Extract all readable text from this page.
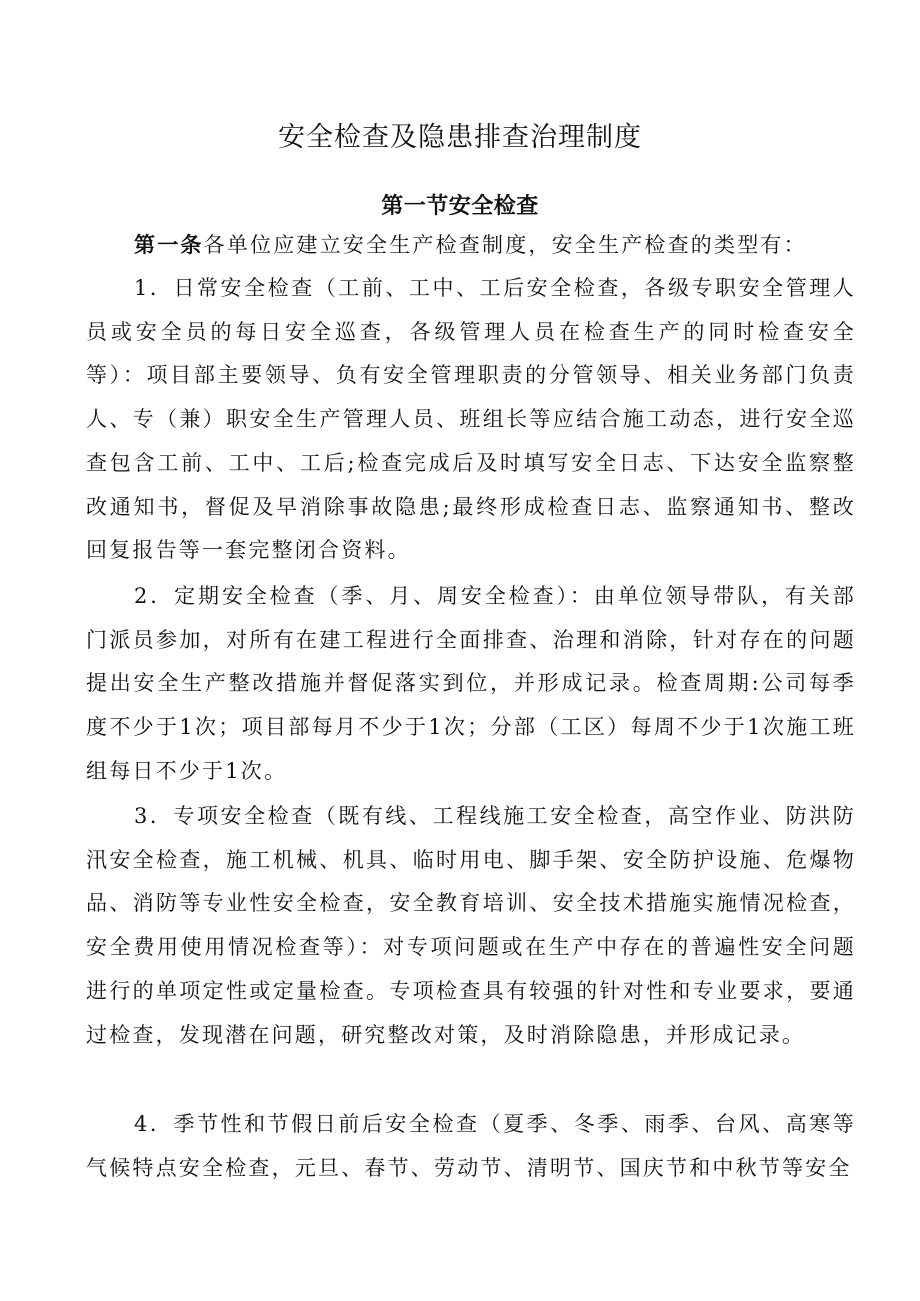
安全检查及隐患排查治理制度
第一节安全检查

第一条各单位应建立安全生产检查制度，安全生产检查的类型有：

1．日常安全检查（工前、工中、工后安全检查，各级专职安全管理人员或安全员的每日安全巡查，各级管理人员在检查生产的同时检查安全等）：项目部主要领导、负有安全管理职责的分管领导、相关业务部门负责人、专（兼）职安全生产管理人员、班组长等应结合施工动态，进行安全巡查包含工前、工中、工后;检查完成后及时填写安全日志、下达安全监察整改通知书，督促及早消除事故隐患;最终形成检查日志、监察通知书、整改回复报告等一套完整闭合资料。

2．定期安全检查（季、月、周安全检查）：由单位领导带队，有关部门派员参加，对所有在建工程进行全面排查、治理和消除，针对存在的问题提出安全生产整改措施并督促落实到位，并形成记录。检查周期:公司每季度不少于1次；项目部每月不少于1次；分部（工区）每周不少于1次施工班组每日不少于1次。

3．专项安全检查（既有线、工程线施工安全检查，高空作业、防洪防汛安全检查，施工机械、机具、临时用电、脚手架、安全防护设施、危爆物品、消防等专业性安全检查，安全教育培训、安全技术措施实施情况检查，安全费用使用情况检查等）：对专项问题或在生产中存在的普遍性安全问题进行的单项定性或定量检查。专项检查具有较强的针对性和专业要求，要通过检查，发现潜在问题，研究整改对策，及时消除隐患，并形成记录。

4．季节性和节假日前后安全检查（夏季、冬季、雨季、台风、高寒等气候特点安全检查，元旦、春节、劳动节、清明节、国庆节和中秋节等安全
